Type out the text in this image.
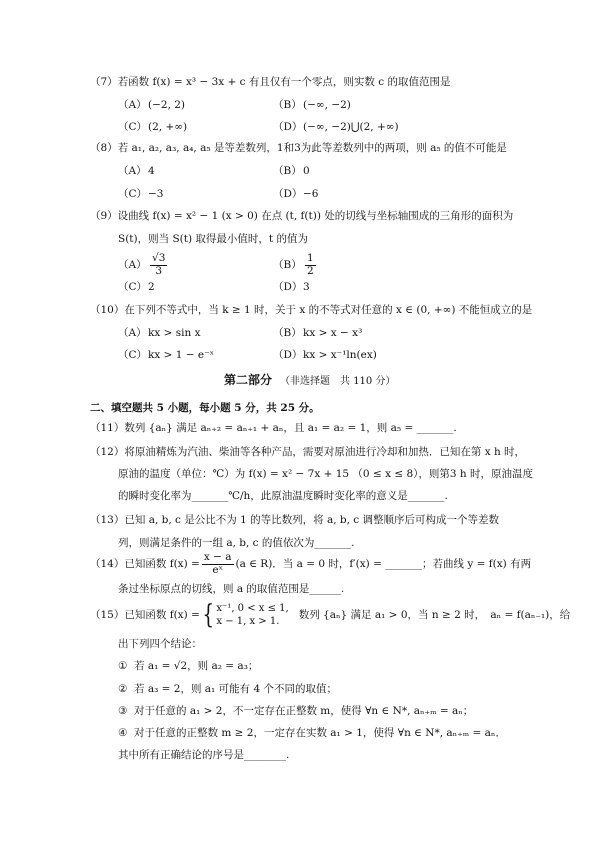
（7）若函数 f(x) = x³ − 3x + c 有且仅有一个零点，则实数 c 的取值范围是
（A）(−2, 2)	（B）(−∞, −2)
（C）(2, +∞)	（D）(−∞, −2)⋃(2, +∞)
（8）若 a₁, a₂, a₃, a₄, a₅ 是等差数列，1和3为此等差数列中的两项，则 a₅ 的值不可能是
（A）4	（B）0
（C）−3	（D）−6
（9）设曲线 f(x) = x² − 1 (x > 0) 在点 (t, f(t)) 处的切线与坐标轴围成的三角形的面积为
S(t)，则当 S(t) 取得最小值时，t 的值为
$(A) \frac{√3}{3}$	$(B) \frac{1}{2}$
（C）2	（D）3
（10）在下列不等式中，当 k ≥ 1 时，关于 x 的不等式对任意的 x ∈ (0, +∞) 不能恒成立的是
（A）kx > sin x	（B）kx > x − x³
（C）kx > 1 − e⁻ˣ	（D）kx > x⁻¹ln(ex)
第二部分 （非选择题　共 110 分）
二、填空题共 5 小题，每小题 5 分，共 25 分。
（11）数列 {aₙ} 满足 aₙ₊₂ = aₙ₊₁ + aₙ，且 a₁ = a₂ = 1，则 a₅ = _______.
（12）将原油精炼为汽油、柴油等各种产品，需要对原油进行冷却和加热．已知在第 x h 时，
原油的温度（单位：℃）为 f(x) = x² − 7x + 15 （0 ≤ x ≤ 8），则第3 h 时，原油温度
的瞬时变化率为_______℃/h，此原油温度瞬时变化率的意义是_______.
（13）已知 a, b, c 是公比不为 1 的等比数列，将 a, b, c 调整顺序后可构成一个等差数
列，则满足条件的一组 a, b, c 的值依次为_______.
（14）已知函数 $f(x) = \frac{x - a}{\text{eˣ}} (a$ ∈ R)．当 a = 0 时，f′(x) = _______；若曲线 y = f(x) 有两
条过坐标原点的切线，则 a 的取值范围是______.
（15）已知函数 f(x) ={ x⁻¹, 0 < x ≤ 1,
x − 1, x > 1.
数列 {aₙ} 满足 a₁ > 0，当 n ≥ 2 时，　aₙ = f(aₙ₋₁)，给
出下列四个结论：
① 若 a₁ = √2，则 a₂ = a₃；
② 若 a₃ = 2，则 a₁ 可能有 4 个不同的取值；
③ 对于任意的 a₁ > 2，不一定存在正整数 m，使得 ∀n ∈ N*, aₙ₊ₘ = aₙ；
④ 对于任意的正整数 m ≥ 2，一定存在实数 a₁ > 1，使得 ∀n ∈ N*, aₙ₊ₘ = aₙ．
其中所有正确结论的序号是________.
